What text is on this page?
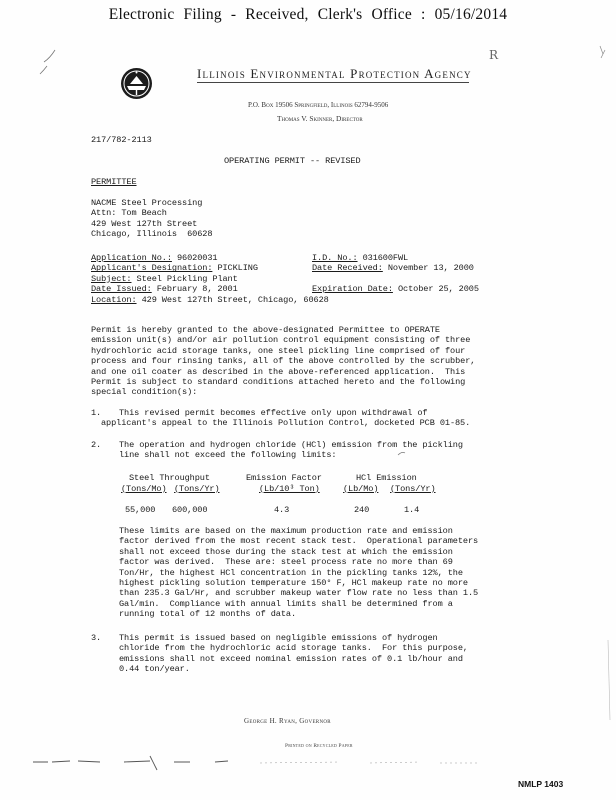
Electronic Filing - Received, Clerk's Office : 05/16/2014
R
Illinois Environmental Protection Agency
P.O. Box 19506 Springfield, Illinois 62794-9506
Thomas V. Skinner, Director
217/782-2113
OPERATING PERMIT -- REVISED
PERMITTEE
NACME Steel Processing
Attn: Tom Beach
429 West 127th Street
Chicago, Illinois  60628
Application No.: 96020031	I.D. No.: 031600FWL
Applicant's Designation: PICKLING	Date Received: November 13, 2000
Subject: Steel Pickling Plant
Date Issued: February 8, 2001	Expiration Date: October 25, 2005
Location: 429 West 127th Street, Chicago, 60628
Permit is hereby granted to the above-designated Permittee to OPERATE
emission unit(s) and/or air pollution control equipment consisting of three
hydrochloric acid storage tanks, one steel pickling line comprised of four
process and four rinsing tanks, all of the above controlled by the scrubber,
and one oil coater as described in the above-referenced application.  This
Permit is subject to standard conditions attached hereto and the following
special condition(s):
1. This revised permit becomes effective only upon withdrawal of
applicant's appeal to the Illinois Pollution Control, docketed PCB 01-85.
2. The operation and hydrogen chloride (HCl) emission from the pickling
line shall not exceed the following limits:
Steel Throughput	Emission Factor	HCl Emission
(Tons/Mo) (Tons/Yr)	(Lb/10³ Ton)	(Lb/Mo) (Tons/Yr)
55,000 600,000	4.3	240	1.4
These limits are based on the maximum production rate and emission
factor derived from the most recent stack test.  Operational parameters
shall not exceed those during the stack test at which the emission
factor was derived.  These are: steel process rate no more than 69
Ton/Hr, the highest HCl concentration in the pickling tanks 12%, the
highest pickling solution temperature 150° F, HCl makeup rate no more
than 235.3 Gal/Hr, and scrubber makeup water flow rate no less than 1.5
Gal/min.  Compliance with annual limits shall be determined from a
running total of 12 months of data.
3. This permit is issued based on negligible emissions of hydrogen
chloride from the hydrochloric acid storage tanks.  For this purpose,
emissions shall not exceed nominal emission rates of 0.1 lb/hour and
0.44 ton/year.
George H. Ryan, Governor
Printed on Recycled Paper
NMLP 1403
